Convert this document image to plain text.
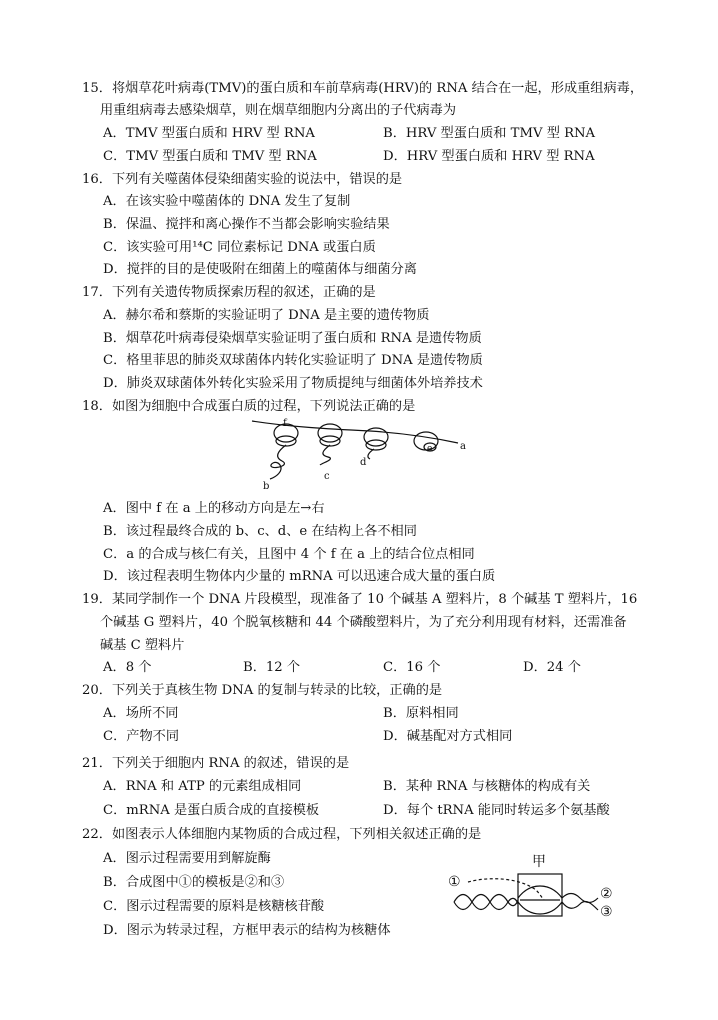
15．将烟草花叶病毒(TMV)的蛋白质和车前草病毒(HRV)的 RNA 结合在一起，形成重组病毒，
用重组病毒去感染烟草，则在烟草细胞内分离出的子代病毒为
A．TMV 型蛋白质和 HRV 型 RNA	B．HRV 型蛋白质和 TMV 型 RNA
C．TMV 型蛋白质和 TMV 型 RNA	D．HRV 型蛋白质和 HRV 型 RNA
16．下列有关噬菌体侵染细菌实验的说法中，错误的是
A．在该实验中噬菌体的 DNA 发生了复制
B．保温、搅拌和离心操作不当都会影响实验结果
C．该实验可用¹⁴C 同位素标记 DNA 或蛋白质
D．搅拌的目的是使吸附在细菌上的噬菌体与细菌分离
17．下列有关遗传物质探索历程的叙述，正确的是
A．赫尔希和蔡斯的实验证明了 DNA 是主要的遗传物质
B．烟草花叶病毒侵染烟草实验证明了蛋白质和 RNA 是遗传物质
C．格里菲思的肺炎双球菌体内转化实验证明了 DNA 是遗传物质
D．肺炎双球菌体外转化实验采用了物质提纯与细菌体外培养技术
18．如图为细胞中合成蛋白质的过程，下列说法正确的是
f
b
c
d
e	a
A．图中 f 在 a 上的移动方向是左→右
B．该过程最终合成的 b、c、d、e 在结构上各不相同
C．a 的合成与核仁有关，且图中 4 个 f 在 a 上的结合位点相同
D．该过程表明生物体内少量的 mRNA 可以迅速合成大量的蛋白质
19．某同学制作一个 DNA 片段模型，现准备了 10 个碱基 A 塑料片，8 个碱基 T 塑料片，16
个碱基 G 塑料片，40 个脱氧核糖和 44 个磷酸塑料片，为了充分利用现有材料，还需准备
碱基 C 塑料片
A．8 个	B．12 个	C．16 个	D．24 个
20．下列关于真核生物 DNA 的复制与转录的比较，正确的是
A．场所不同	B．原料相同
C．产物不同	D．碱基配对方式相同
21．下列关于细胞内 RNA 的叙述，错误的是
A．RNA 和 ATP 的元素组成相同	B．某种 RNA 与核糖体的构成有关
C．mRNA 是蛋白质合成的直接模板	D．每个 tRNA 能同时转运多个氨基酸
22．如图表示人体细胞内某物质的合成过程，下列相关叙述正确的是
A．图示过程需要用到解旋酶
B．合成图中①的模板是②和③
C．图示过程需要的原料是核糖核苷酸
D．图示为转录过程，方框甲表示的结构为核糖体
甲
①
②
③
